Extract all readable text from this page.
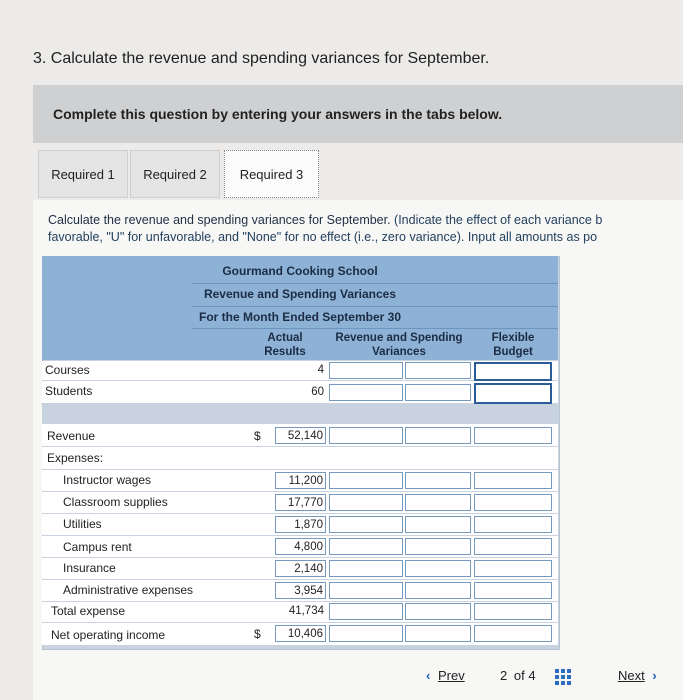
3. Calculate the revenue and spending variances for September.
Complete this question by entering your answers in the tabs below.
Required 1	Required 2	Required 3
Calculate the revenue and spending variances for September. (Indicate the effect of each variance b
favorable, "U" for unfavorable, and "None" for no effect (i.e., zero variance). Input all amounts as po
Gourmand Cooking School
Revenue and Spending Variances
For the Month Ended September 30
Actual
Results
Revenue and Spending
Variances
Flexible
Budget
Courses	4
Students	60
Revenue	$	52,140
Expenses:
Instructor wages	11,200
Classroom supplies	17,770
Utilities	1,870
Campus rent	4,800
Insurance	2,140
Administrative expenses	3,954
Total expense	41,734
Net operating income	$	10,406
‹ Prev	2 of 4	Next ›
